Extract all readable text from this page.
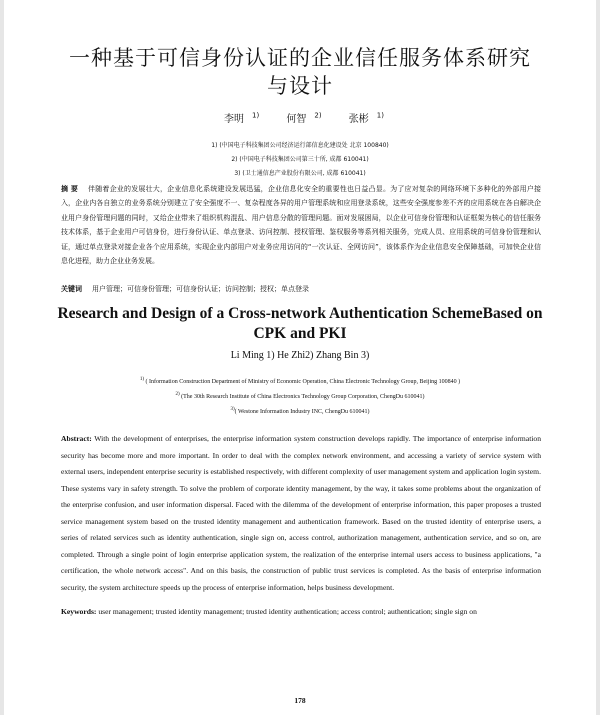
一种基于可信身份认证的企业信任服务体系研究
与设计
李明 $^{1)}$	何智 $^{2)}$	张彬 $^{1)}$
1) (中国电子科技集团公司经济运行部信息化建设处 北京 100840)
2) (中国电子科技集团公司第三十所, 成都 610041)
3) (卫士通信息产业股份有限公司, 成都 610041)
摘 要 伴随着企业的发展壮大，企业信息化系统建设发展迅猛，企业信息化安全的重要性也日益凸显。为了应对复杂的网络环境下多种化的外部用户接入，企业内各自独立的业务系统分别建立了安全强度不一、复杂程度各异的用户管理系统和应用登录系统，这些安全强度参差不齐的应用系统在各自解决企业用户身份管理问题的同时，又给企业带来了组织机构混乱、用户信息分散的管理问题。面对发展困局，以企业可信身份管理和认证框架为核心的信任服务技术体系，基于企业用户可信身份，进行身份认证、单点登录、访问控制、授权管理、鉴权服务等系列相关服务，完成人员、应用系统的可信身份管理和认证，通过单点登录对接企业各个应用系统，实现企业内部用户对业务应用访问的“一次认证、全网访问”，该体系作为企业信息安全保障基础，可加快企业信息化进程，助力企业业务发展。
关键词 用户管理；可信身份管理；可信身份认证；访问控制；授权；单点登录
Research and Design of a Cross-network Authentication SchemeBased on CPK and PKI
Li Ming 1) He Zhi2) Zhang Bin 3)
$^{1)}$ ( Information Construction Department of Ministry of Economic Operation, China Electronic Technology Group, Beijing 100840 )
$^{2)}$ (The 30th Research Institute of China Electronics Technology Group Corporation, ChengDu 610041)
$^{3)}$( Westone Information Industry INC, ChengDu 610041)
Abstract: With the development of enterprises, the enterprise information system construction develops rapidly. The importance of enterprise information security has become more and more important. In order to deal with the complex network environment, and accessing a variety of service system with external users, independent enterprise security is established respectively, with different complexity of user management system and application login system. These systems vary in safety strength. To solve the problem of corporate identity management, by the way, it takes some problems about the organization of the enterprise confusion, and user information dispersal. Faced with the dilemma of the development of enterprise information, this paper proposes a trusted service management system based on the trusted identity management and authentication framework. Based on the trusted identity of enterprise users, a series of related services such as identity authentication, single sign on, access control, authorization management, authentication service, and so on, are completed. Through a single point of login enterprise application system, the realization of the enterprise internal users access to business applications, "a certification, the whole network access". And on this basis, the construction of public trust services is completed. As the basis of enterprise information security, the system architecture speeds up the process of enterprise information, helps business development.
Keywords: user management; trusted identity management; trusted identity authentication; access control; authentication; single sign on
178
